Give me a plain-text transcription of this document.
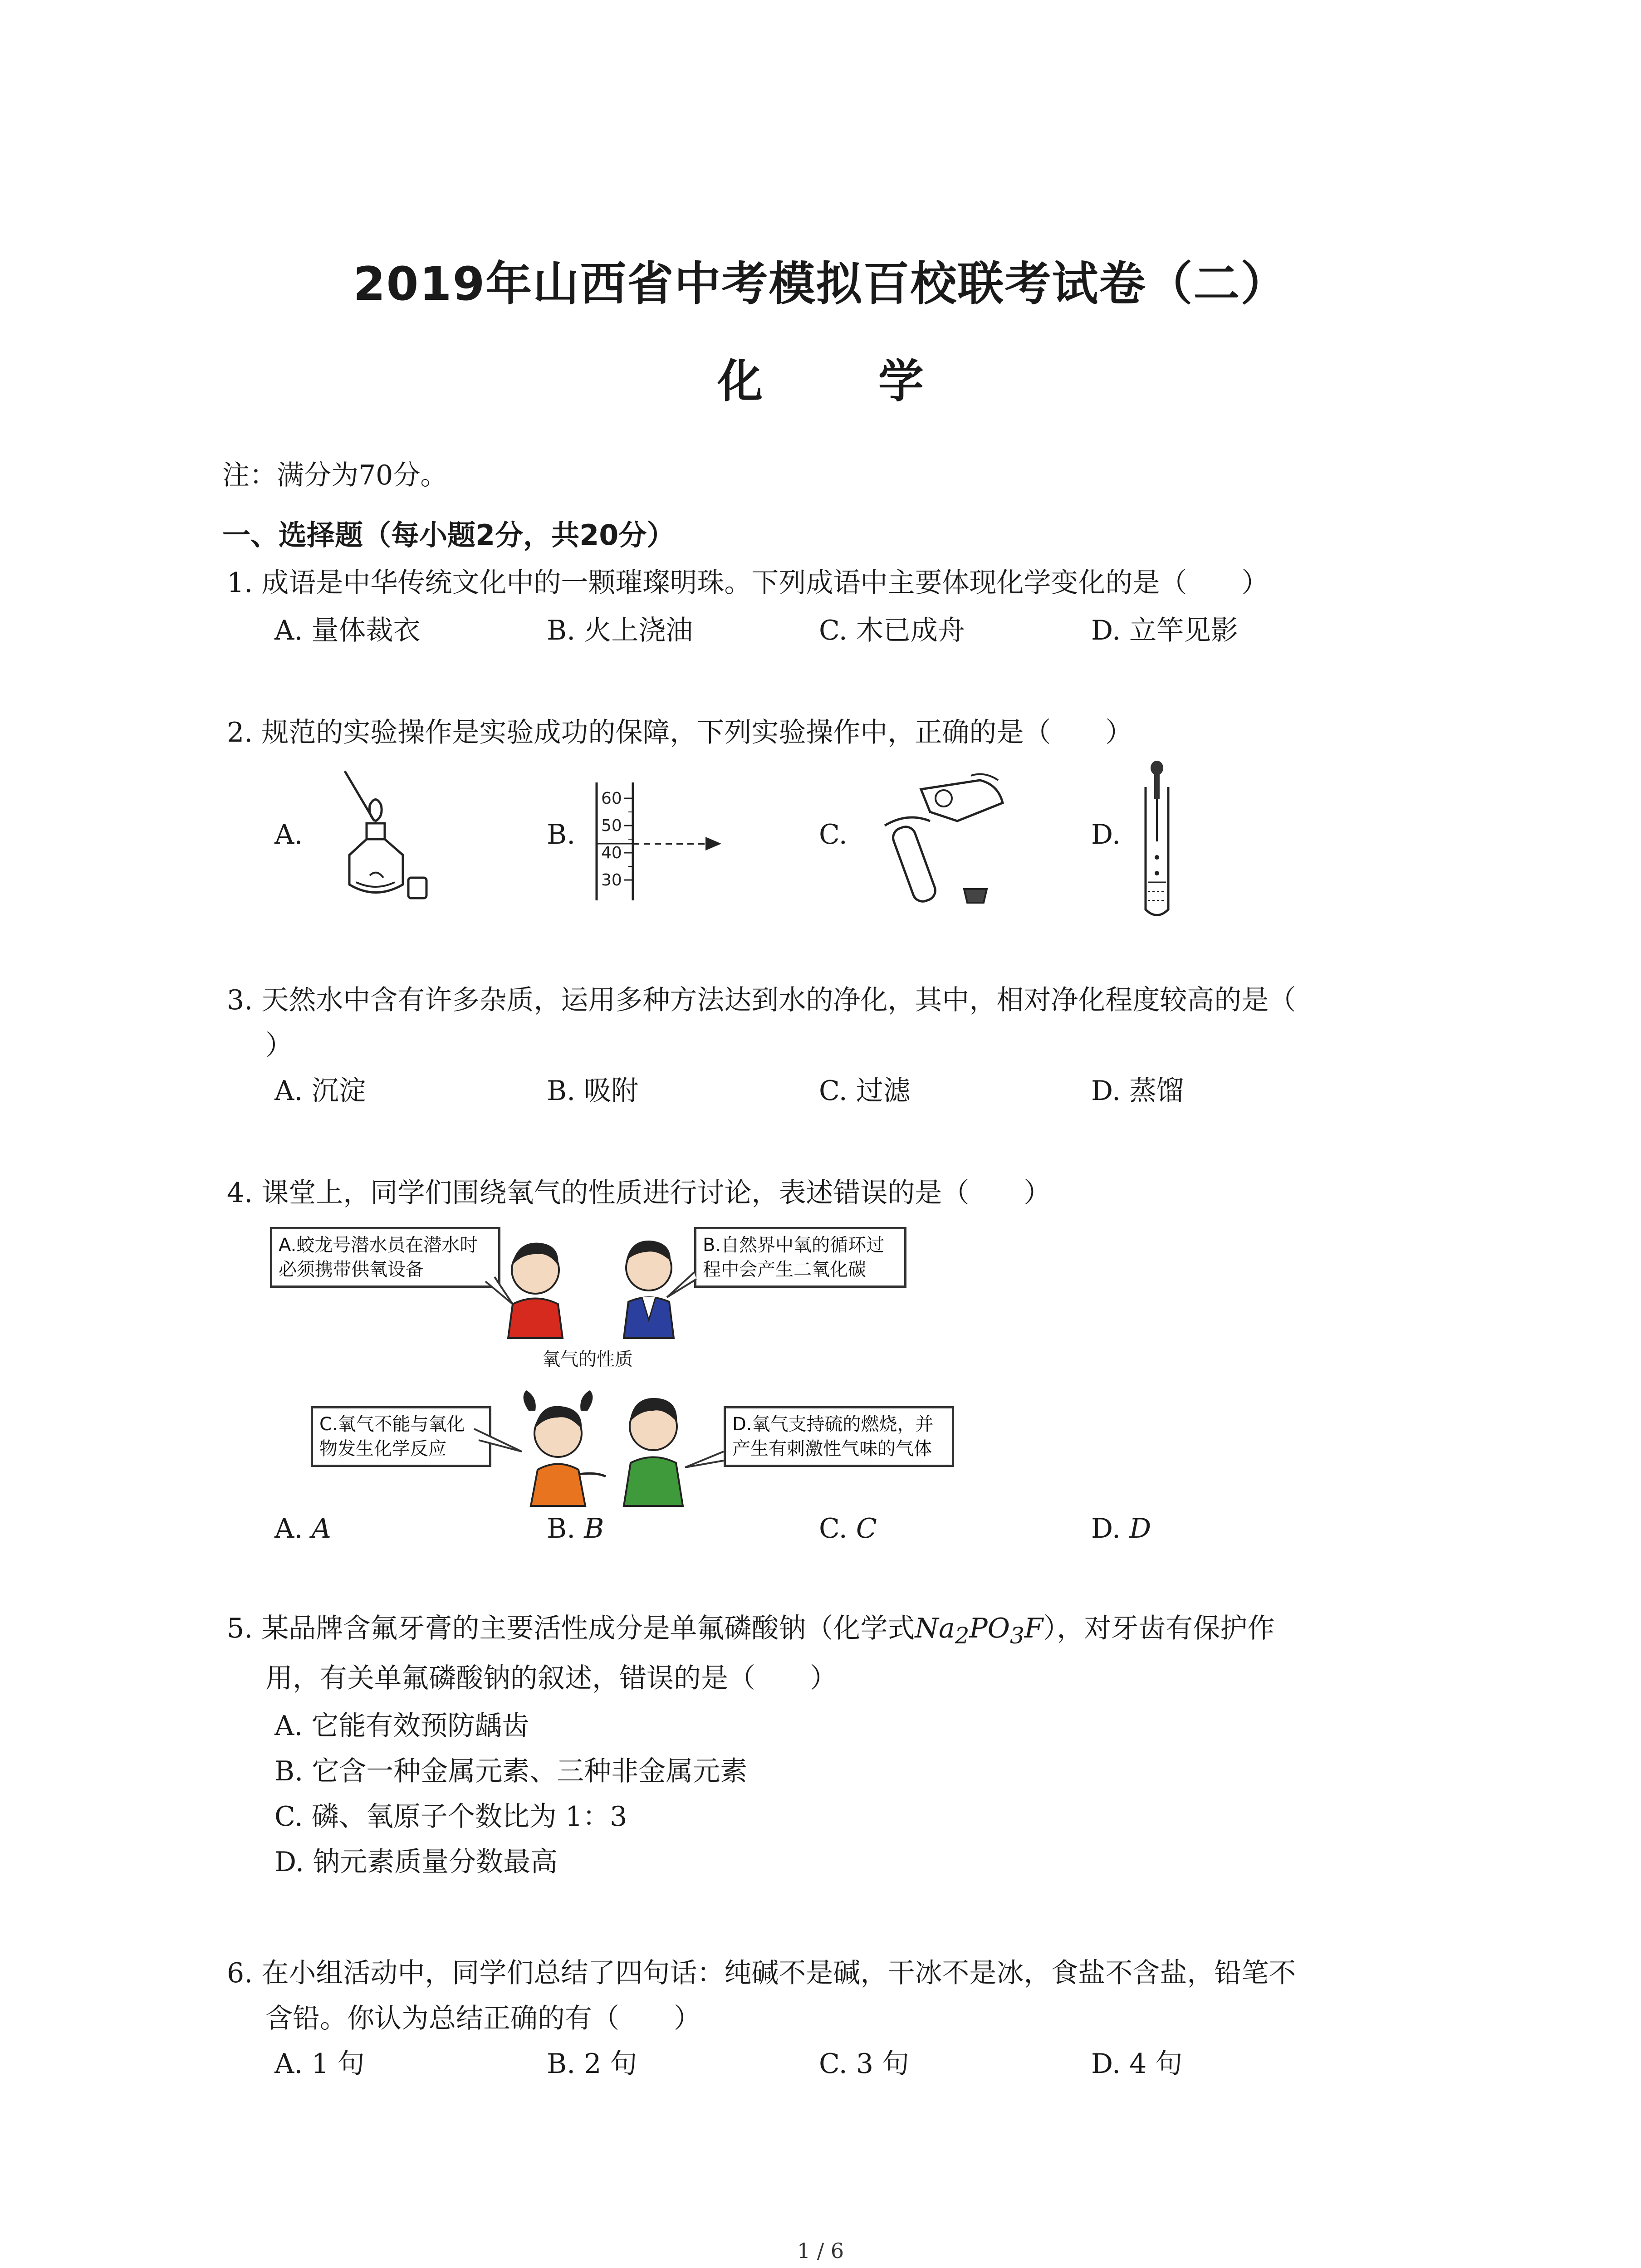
2019年山西省中考模拟百校联考试卷（二）
化 学
注：满分为70分。
一、选择题（每小题2分，共20分）
1. 成语是中华传统文化中的一颗璀璨明珠。下列成语中主要体现化学变化的是（　　）
A. 量体裁衣	B. 火上浇油	C. 木已成舟	D. 立竿见影
2. 规范的实验操作是实验成功的保障，下列实验操作中，正确的是（　　）
A.	B.	C.	D.
60
50
40
30
3. 天然水中含有许多杂质，运用多种方法达到水的净化，其中，相对净化程度较高的是（
）
A. 沉淀	B. 吸附	C. 过滤	D. 蒸馏
4. 课堂上，同学们围绕氧气的性质进行讨论，表述错误的是（　　）
A.蛟龙号潜水员在潜水时
必须携带供氧设备
B.自然界中氧的循环过
程中会产生二氧化碳
C.氧气不能与氧化
物发生化学反应
D.氧气支持硫的燃烧，并
产生有刺激性气味的气体
氧气的性质
A. A	B. B	C. C	D. D
5. 某品牌含氟牙膏的主要活性成分是单氟磷酸钠（化学式$Na_2PO_3F$），对牙齿有保护作
用，有关单氟磷酸钠的叙述，错误的是（　　）
A. 它能有效预防龋齿
B. 它含一种金属元素、三种非金属元素
C. 磷、氧原子个数比为 1：3
D. 钠元素质量分数最高
6. 在小组活动中，同学们总结了四句话：纯碱不是碱，干冰不是冰，食盐不含盐，铅笔不
含铅。你认为总结正确的有（　　）
A. 1 句	B. 2 句	C. 3 句	D. 4 句
1 / 6
